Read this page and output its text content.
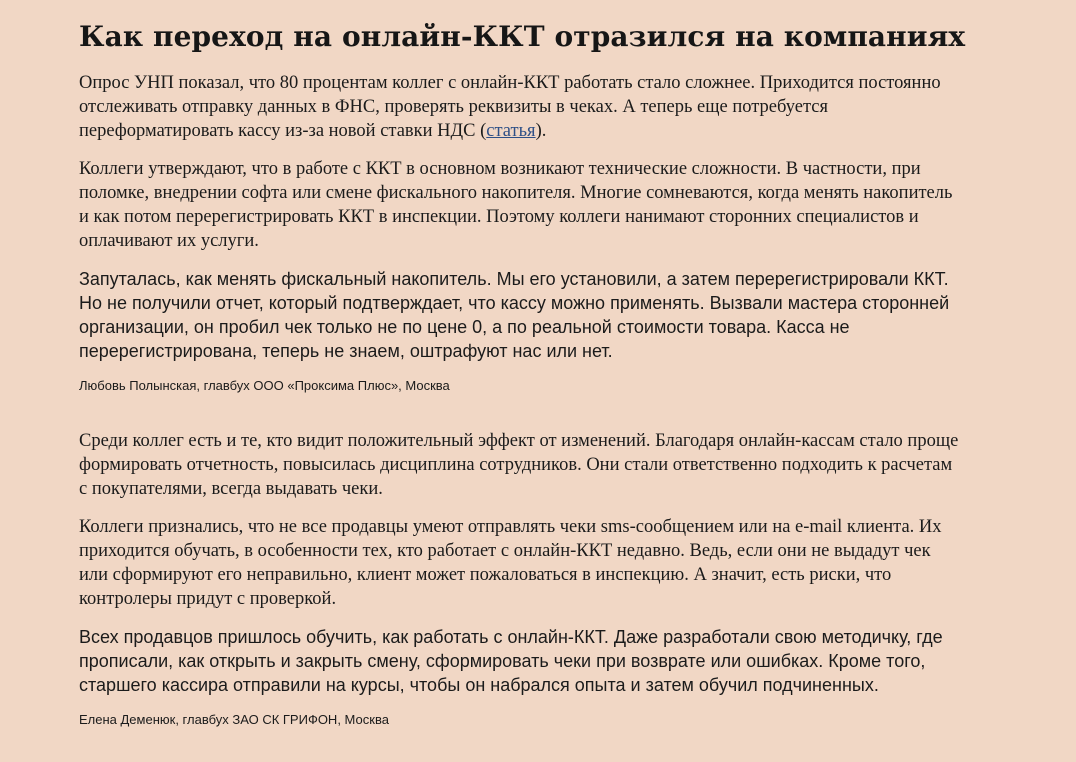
Как переход на онлайн-ККТ отразился на компаниях

Опрос УНП показал, что 80 процентам коллег с онлайн-ККТ работать стало сложнее. Приходится постоянно отслеживать отправку данных в ФНС, проверять реквизиты в чеках. А теперь еще потребуется переформатировать кассу из-за новой ставки НДС (статья).

Коллеги утверждают, что в работе с ККТ в основном возникают технические сложности. В частности, при поломке, внедрении софта или смене фискального накопителя. Многие сомневаются, когда менять накопитель и как потом перерегистрировать ККТ в инспекции. Поэтому коллеги нанимают сторонних специалистов и оплачивают их услуги.

Запуталась, как менять фискальный накопитель. Мы его установили, а затем перерегистрировали ККТ. Но не получили отчет, который подтверждает, что кассу можно применять. Вызвали мастера сторонней организации, он пробил чек только не по цене 0, а по реальной стоимости товара. Касса не перерегистрирована, теперь не знаем, оштрафуют нас или нет.

Любовь Полынская, главбух ООО «Проксима Плюс», Москва

Среди коллег есть и те, кто видит положительный эффект от изменений. Благодаря онлайн-кассам стало проще формировать отчетность, повысилась дисциплина сотрудников. Они стали ответственно подходить к расчетам с покупателями, всегда выдавать чеки.

Коллеги признались, что не все продавцы умеют отправлять чеки sms-сообщением или на e-mail клиента. Их приходится обучать, в особенности тех, кто работает с онлайн-ККТ недавно. Ведь, если они не выдадут чек или сформируют его неправильно, клиент может пожаловаться в инспекцию. А значит, есть риски, что контролеры придут с проверкой.

Всех продавцов пришлось обучить, как работать с онлайн-ККТ. Даже разработали свою методичку, где прописали, как открыть и закрыть смену, сформировать чеки при возврате или ошибках. Кроме того, старшего кассира отправили на курсы, чтобы он набрался опыта и затем обучил подчиненных.

Елена Деменюк, главбух ЗАО СК ГРИФОН, Москва
